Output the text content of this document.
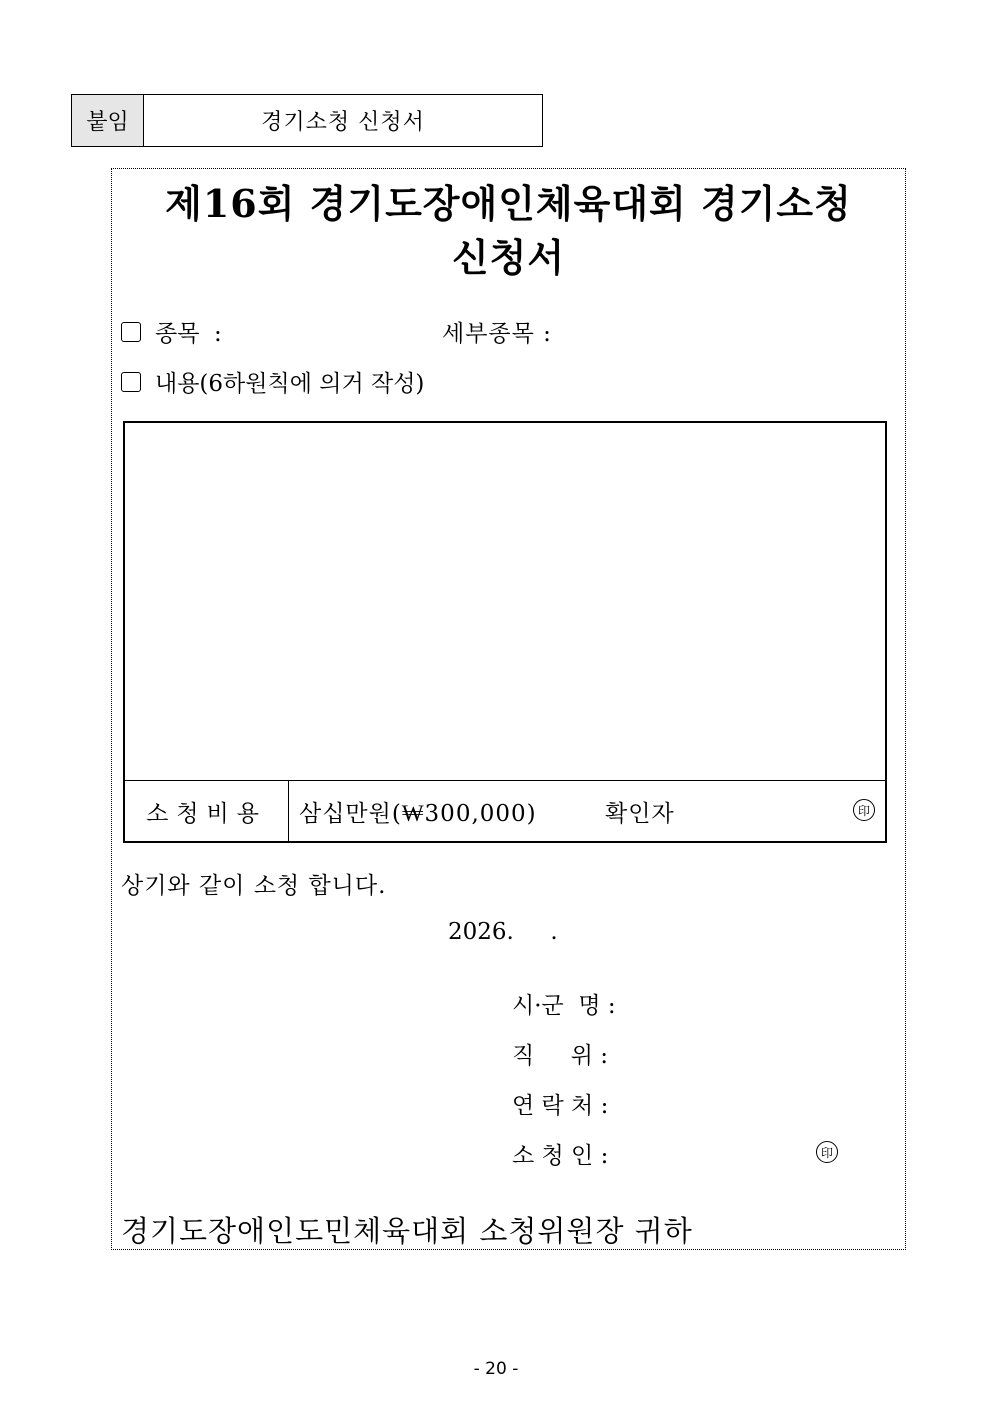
붙임	경기소청 신청서
제16회 경기도장애인체육대회 경기소청
신청서
종목  :	세부종목 :
내용(6하원칙에 의거 작성)
소청비용	삼십만원(₩300,000)	확인자	印
상기와 같이 소청 합니다.
2026.     .
시·군  명 :
직     위 :
연 락 처 :
소 청 인 :	印
경기도장애인도민체육대회 소청위원장 귀하
- 20 -
